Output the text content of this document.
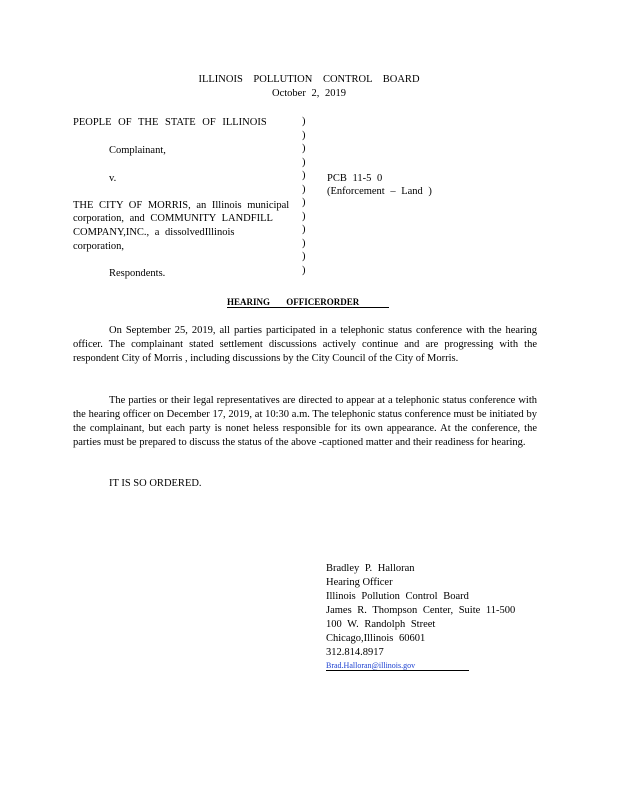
ILLINOIS POLLUTION CONTROL BOARD
October 2, 2019
PEOPLE OF THE STATE OF ILLINOIS
Complainant,
v.
THE CITY OF MORRIS, an Illinois municipal
corporation, and COMMUNITY LANDFILL
COMPANY,INC., a dissolvedIllinois
corporation,
Respondents.
)
)
)
)
)
)
)
)
)
)
)
)
PCB 11-5 0
(Enforcement – Land )
HEARING OFFICERORDER
On September 25, 2019, all parties participated in a telephonic status conference with the hearing officer. The complainant stated settlement discussions actively continue and are progressing with the respondent City of Morris , including discussions by the City Council of the City of Morris.
The parties or their legal representatives are directed to appear at a telephonic status conference with the hearing officer on December 17, 2019, at 10:30 a.m. The telephonic status conference must be initiated by the complainant, but each party is nonet heless responsible for its own appearance. At the conference, the parties must be prepared to discuss the status of the above -captioned matter and their readiness for hearing.
IT IS SO ORDERED.
Bradley P. Halloran
Hearing Officer
Illinois Pollution Control Board
James R. Thompson Center, Suite 11-500
100 W. Randolph Street
Chicago,Illinois 60601
312.814.8917
Brad.Halloran@illinois.gov
